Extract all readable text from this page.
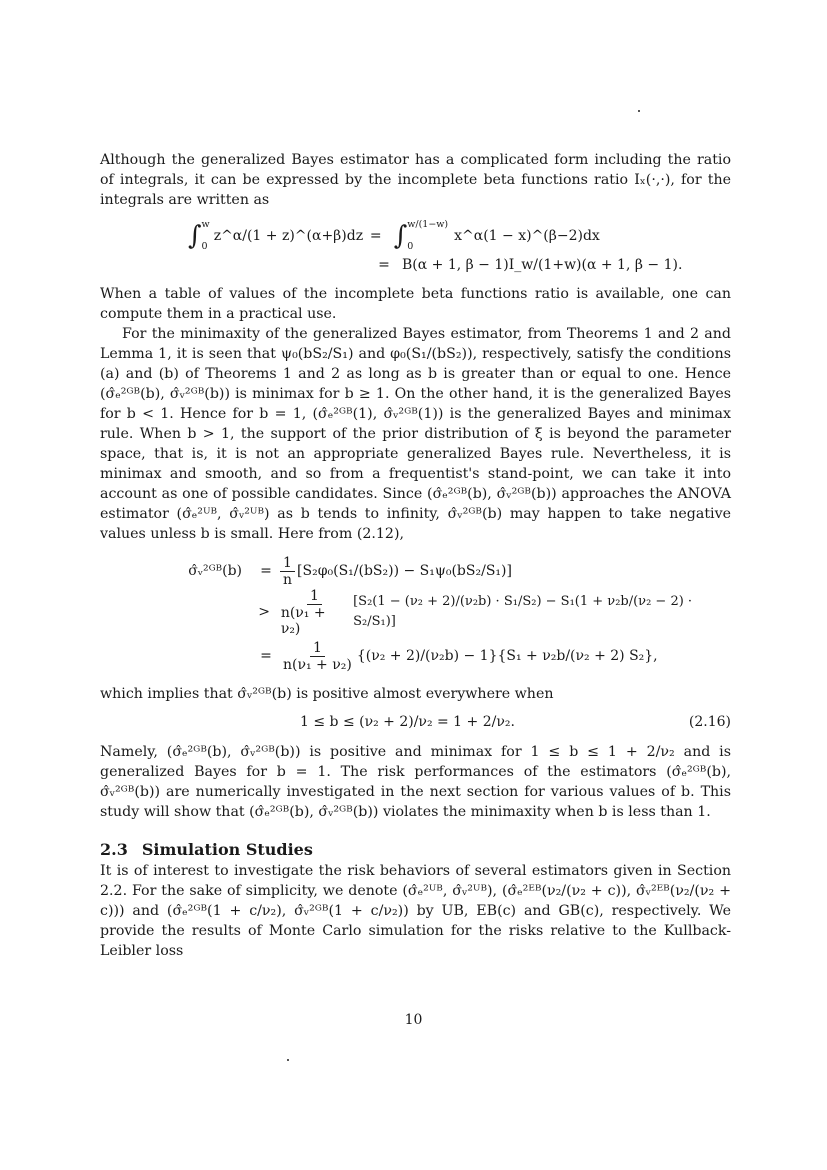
Although the generalized Bayes estimator has a complicated form including the ratio of integrals, it can be expressed by the incomplete beta functions ratio Iₓ(·,·), for the integrals are written as

∫ w
0
z^α/(1 + z)^(α+β)dz = ∫ w/(1−w)
0
x^α(1 − x)^(β−2)dx
= B(α + 1, β − 1)I_w/(1+w)(α + 1, β − 1).

When a table of values of the incomplete beta functions ratio is available, one can compute them in a practical use.

For the minimaxity of the generalized Bayes estimator, from Theorems 1 and 2 and Lemma 1, it is seen that ψ₀(bS₂/S₁) and φ₀(S₁/(bS₂)), respectively, satisfy the conditions (a) and (b) of Theorems 1 and 2 as long as b is greater than or equal to one. Hence (σ̂ₑ²ᴳᴮ(b), σ̂ᵥ²ᴳᴮ(b)) is minimax for b ≥ 1. On the other hand, it is the generalized Bayes for b < 1. Hence for b = 1, (σ̂ₑ²ᴳᴮ(1), σ̂ᵥ²ᴳᴮ(1)) is the generalized Bayes and minimax rule. When b > 1, the support of the prior distribution of ξ is beyond the parameter space, that is, it is not an appropriate generalized Bayes rule. Nevertheless, it is minimax and smooth, and so from a frequentist's stand-point, we can take it into account as one of possible candidates. Since (σ̂ₑ²ᴳᴮ(b), σ̂ᵥ²ᴳᴮ(b)) approaches the ANOVA estimator (σ̂ₑ²ᵁᴮ, σ̂ᵥ²ᵁᴮ) as b tends to infinity, σ̂ᵥ²ᴳᴮ(b) may happen to take negative values unless b is small. Here from (2.12),

σ̂ᵥ²ᴳᴮ(b)	= $\frac{1}{n} [S_2\varphi_0(S_1/(bS_2)) - S_1\psi_0(bS_2/S_1)]$
> $\frac{1}{\text{n(ν₁ + ν₂)}} [S_2(1 - (\nu_2 + 2)/(\nu_2b) \cdot S_1/S_2) - S_1(1 + \nu_2b/(\nu_2 - 2) \cdot S_2/S_1)]$
= $\frac{1}{\text{n(ν₁ + ν₂)}} \{(\nu_2 + 2)/(\nu_2b) - 1\}\{S_1 + \nu_2b/(\nu_2 + 2)$ S₂},

which implies that σ̂ᵥ²ᴳᴮ(b) is positive almost everywhere when

1 ≤ b ≤ (ν₂ + 2)/ν₂ = 1 + 2/ν₂.	(2.16)

Namely, (σ̂ₑ²ᴳᴮ(b), σ̂ᵥ²ᴳᴮ(b)) is positive and minimax for 1 ≤ b ≤ 1 + 2/ν₂ and is generalized Bayes for b = 1. The risk performances of the estimators (σ̂ₑ²ᴳᴮ(b), σ̂ᵥ²ᴳᴮ(b)) are numerically investigated in the next section for various values of b. This study will show that (σ̂ₑ²ᴳᴮ(b), σ̂ᵥ²ᴳᴮ(b)) violates the minimaxity when b is less than 1.

2.3 Simulation Studies

It is of interest to investigate the risk behaviors of several estimators given in Section 2.2. For the sake of simplicity, we denote (σ̂ₑ²ᵁᴮ, σ̂ᵥ²ᵁᴮ), (σ̂ₑ²ᴱᴮ(ν₂/(ν₂ + c)), σ̂ᵥ²ᴱᴮ(ν₂/(ν₂ + c))) and (σ̂ₑ²ᴳᴮ(1 + c/ν₂), σ̂ᵥ²ᴳᴮ(1 + c/ν₂)) by UB, EB(c) and GB(c), respectively. We provide the results of Monte Carlo simulation for the risks relative to the Kullback-Leibler loss

10
